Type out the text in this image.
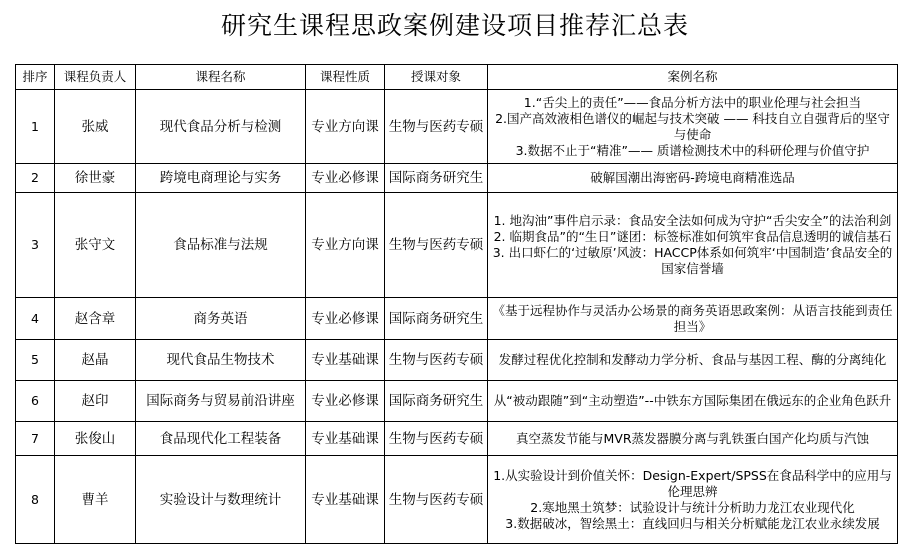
研究生课程思政案例建设项目推荐汇总表
排序	课程负责人	课程名称	课程性质	授课对象	案例名称
1	张威	现代食品分析与检测	专业方向课	生物与医药专硕	1.“舌尖上的责任”——食品分析方法中的职业伦理与社会担当
2.国产高效液相色谱仪的崛起与技术突破 —— 科技自立自强背后的坚守与使命
3.数据不止于“精准”—— 质谱检测技术中的科研伦理与价值守护

2	徐世豪	跨境电商理论与实务	专业必修课	国际商务研究生	破解国潮出海密码-跨境电商精准选品

3	张守文	食品标准与法规	专业方向课	生物与医药专硕	1. 地沟油”事件启示录：食品安全法如何成为守护“舌尖安全”的法治利剑
2. 临期食品”的“生日”谜团：标签标准如何筑牢食品信息透明的诚信基石
3. 出口虾仁的‘过敏原’风波：HACCP体系如何筑牢‘中国制造’食品安全的国家信誉墙

4	赵含章	商务英语	专业必修课	国际商务研究生	《基于远程协作与灵活办公场景的商务英语思政案例：从语言技能到责任担当》

5	赵晶	现代食品生物技术	专业基础课	生物与医药专硕	发酵过程优化控制和发酵动力学分析、食品与基因工程、酶的分离纯化

6	赵印	国际商务与贸易前沿讲座	专业必修课	国际商务研究生	从“被动跟随”到“主动塑造”--中铁东方国际集团在俄远东的企业角色跃升

7	张俊山	食品现代化工程装备	专业基础课	生物与医药专硕	真空蒸发节能与MVR蒸发器膜分离与乳铁蛋白国产化均质与汽蚀

8	曹羊	实验设计与数理统计	专业基础课	生物与医药专硕	1.从实验设计到价值关怀：Design-Expert/SPSS在食品科学中的应用与伦理思辨
2.寒地黑土筑梦：试验设计与统计分析助力龙江农业现代化
3.数据破冰，智绘黑土：直线回归与相关分析赋能龙江农业永续发展
